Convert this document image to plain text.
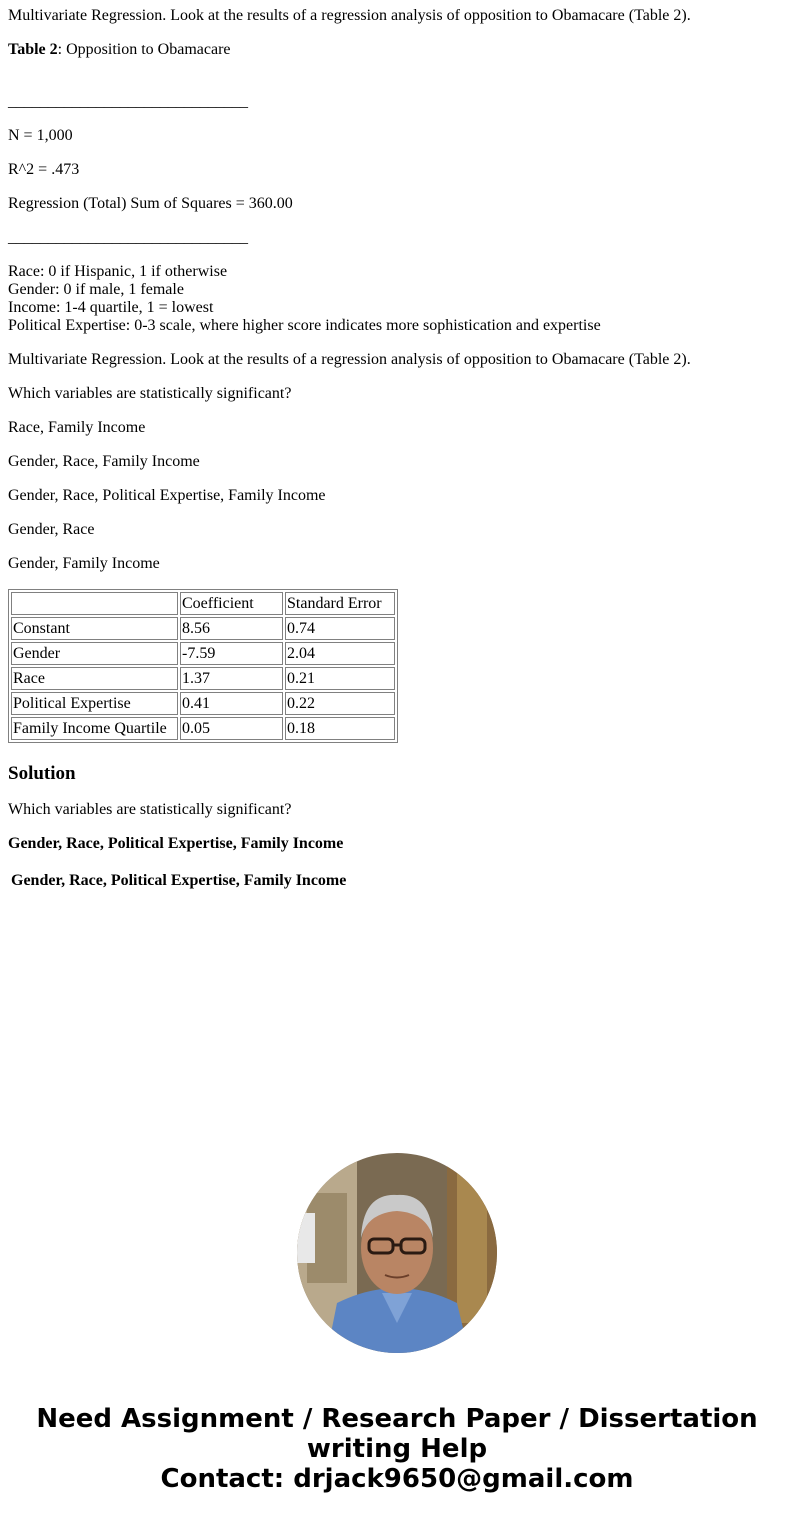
Multivariate Regression. Look at the results of a regression analysis of opposition to Obamacare (Table 2).

Table 2: Opposition to Obamacare

______________________________

N = 1,000

R^2 = .473

Regression (Total) Sum of Squares = 360.00

______________________________

Race: 0 if Hispanic, 1 if otherwise
Gender: 0 if male, 1 female
Income: 1-4 quartile, 1 = lowest
Political Expertise: 0-3 scale, where higher score indicates more sophistication and expertise

Multivariate Regression. Look at the results of a regression analysis of opposition to Obamacare (Table 2).

Which variables are statistically significant?

Race, Family Income

Gender, Race, Family Income

Gender, Race, Political Expertise, Family Income

Gender, Race

Gender, Family Income

	Coefficient	Standard Error
Constant	8.56	0.74
Gender	-7.59	2.04
Race	1.37	0.21
Political Expertise	0.41	0.22
Family Income Quartile	0.05	0.18
Solution

Which variables are statistically significant?

Gender, Race, Political Expertise, Family Income

Gender, Race, Political Expertise, Family Income

Need Assignment / Research Paper / Dissertation
writing Help
Contact: drjack9650@gmail.com
